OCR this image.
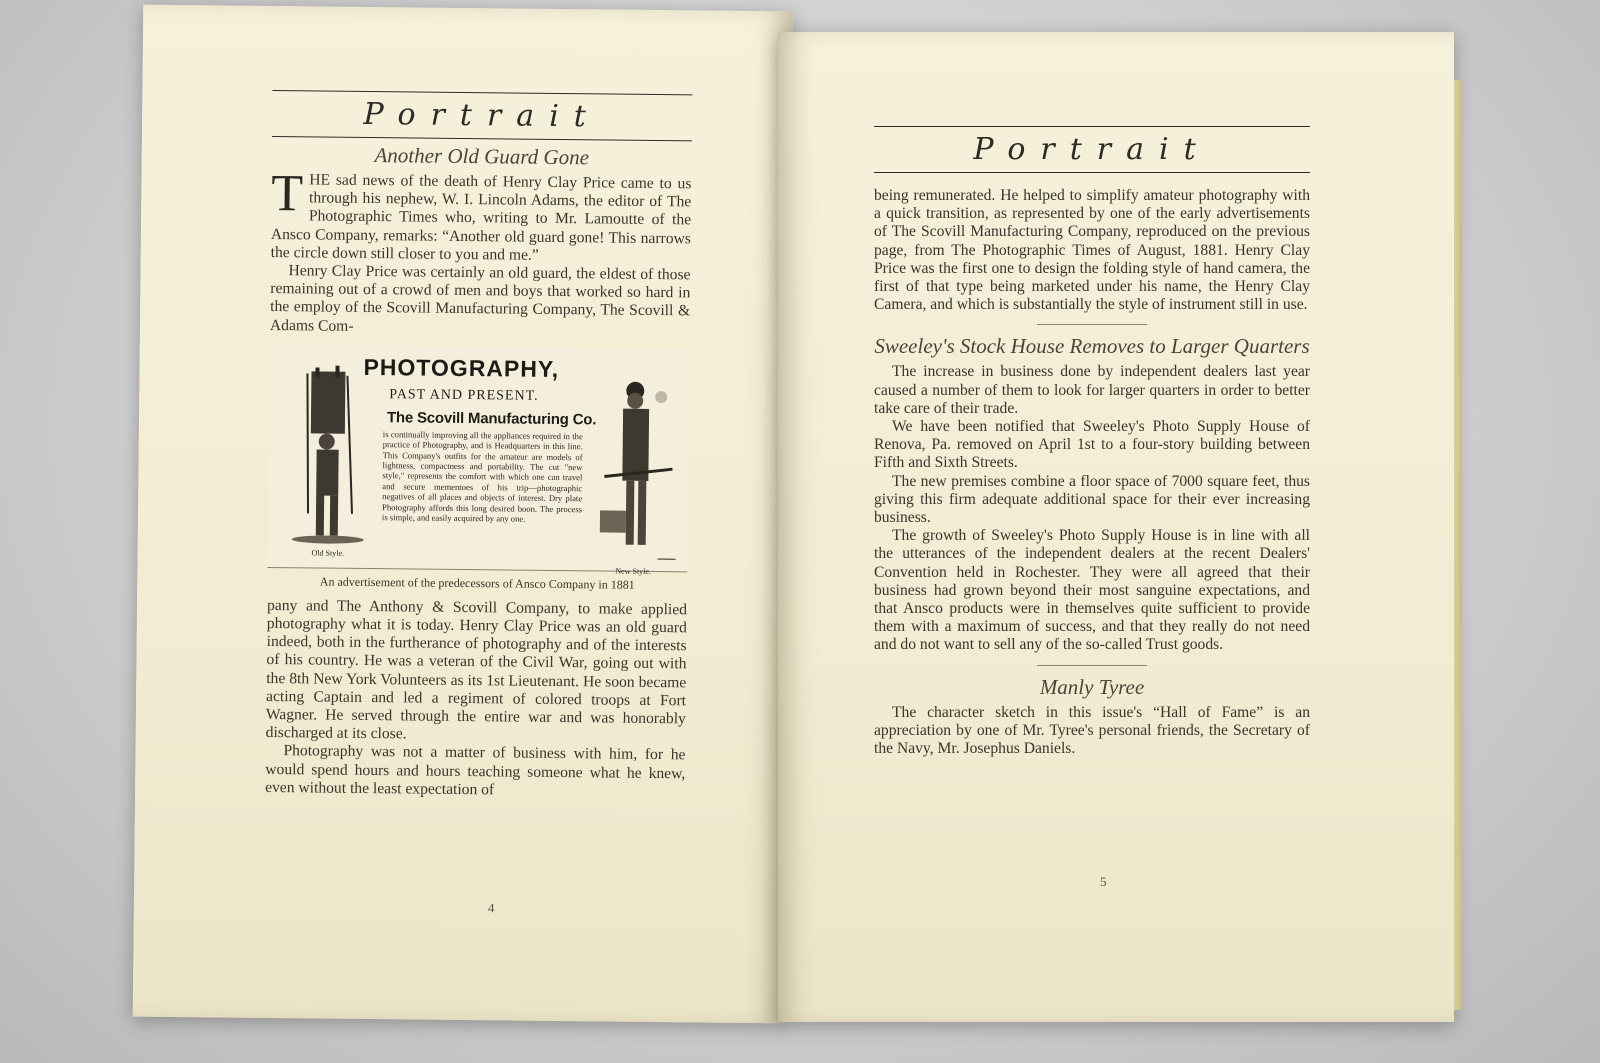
Portrait
Another Old Guard Gone

THE sad news of the death of Henry Clay Price came to us through his nephew, W. I. Lincoln Adams, the editor of The Photographic Times who, writing to Mr. Lamoutte of the Ansco Company, remarks: “Another old guard gone! This narrows the circle down still closer to you and me.”

Henry Clay Price was certainly an old guard, the eldest of those remaining out of a crowd of men and boys that worked so hard in the employ of the Scovill Manufacturing Company, The Scovill & Adams Com-

PHOTOGRAPHY,
PAST AND PRESENT.
The Scovill Manufacturing Co.
is continually improving all the appliances required in the practice of Photography, and is Headquarters in this line. This Company's outfits for the amateur are models of lightness, compactness and portability. The cut "new style," represents the comfort with which one can travel and secure mementoes of his trip—photographic negatives of all places and objects of interest. Dry plate Photography affords this long desired boon. The process is simple, and easily acquired by any one.
Old Style.
New Style.
An advertisement of the predecessors of Ansco Company in 1881

pany and The Anthony & Scovill Company, to make applied photography what it is today. Henry Clay Price was an old guard indeed, both in the furtherance of photography and of the interests of his country. He was a veteran of the Civil War, going out with the 8th New York Volunteers as its 1st Lieutenant. He soon became acting Captain and led a regiment of colored troops at Fort Wagner. He served through the entire war and was honorably discharged at its close.

Photography was not a matter of business with him, for he would spend hours and hours teaching someone what he knew, even without the least expectation of

4
Portrait

being remunerated. He helped to simplify amateur photography with a quick transition, as represented by one of the early advertisements of The Scovill Manufacturing Company, reproduced on the previous page, from The Photographic Times of August, 1881. Henry Clay Price was the first one to design the folding style of hand camera, the first of that type being marketed under his name, the Henry Clay Camera, and which is substantially the style of instrument still in use.

Sweeley's Stock House Removes to Larger Quarters

The increase in business done by independent dealers last year caused a number of them to look for larger quarters in order to better take care of their trade.

We have been notified that Sweeley's Photo Supply House of Renova, Pa. removed on April 1st to a four-story building between Fifth and Sixth Streets.

The new premises combine a floor space of 7000 square feet, thus giving this firm adequate additional space for their ever increasing business.

The growth of Sweeley's Photo Supply House is in line with all the utterances of the independent dealers at the recent Dealers' Convention held in Rochester. They were all agreed that their business had grown beyond their most sanguine expectations, and that Ansco products were in themselves quite sufficient to provide them with a maximum of success, and that they really do not need and do not want to sell any of the so-called Trust goods.

Manly Tyree

The character sketch in this issue's “Hall of Fame” is an appreciation by one of Mr. Tyree's personal friends, the Secretary of the Navy, Mr. Josephus Daniels.

5
